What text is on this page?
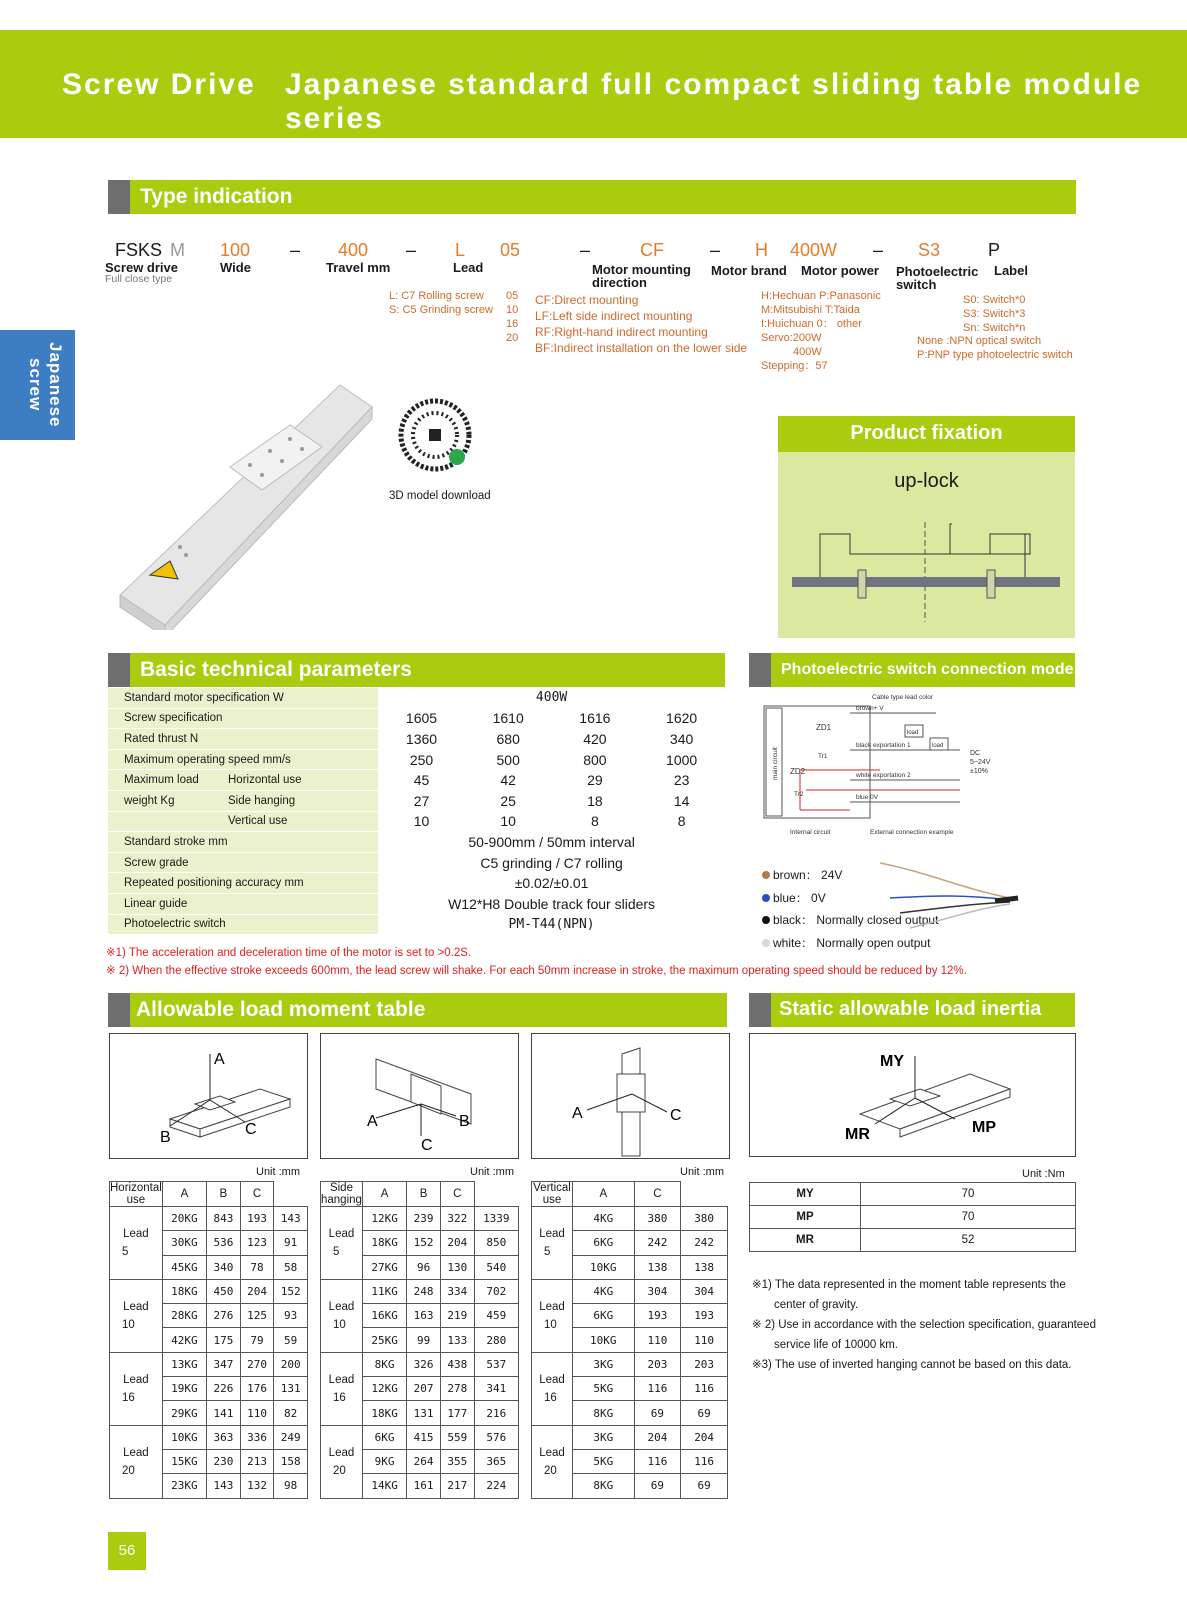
Screw Drive Japanese standard full compact sliding table module series
Japanese screw
Type indication
FSKS M 100 – 400 – L 05	–	CF	– H 400W – S3	P
Screw drive
Full close type
Wide	Travel mm	Lead	Motor mounting direction
Motor brand Motor power Photoelectric switch
Label
L: C7 Rolling screw
S: C5 Grinding screw
05
10
16
20
CF:Direct mounting
LF:Left side indirect mounting
RF:Right-hand indirect mounting
BF:Indirect installation on the lower side
H:Hechuan P:Panasonic
M:Mitsubishi T:Taida
I:Huichuan 0： other
Servo:200W
400W
Stepping：57
S0: Switch*0
S3: Switch*3
Sn: Switch*n
None :NPN optical switch
P:PNP type photoelectric switch
3D model download
Product fixation
up-lock
Basic technical parameters
Standard motor specification W		400W			
Screw specification		1605	1610	1616	1620
Rated thrust N		1360	680	420	340
Maximum operating speed mm/s		250	500	800	1000
Maximum load	Horizontal use	45	42	29	23
weight Kg	Side hanging	27	25	18	14
	Vertical use	10	10	8	8
Standard stroke mm		50-900mm / 50mm interval			
Screw grade		C5 grinding / C7 rolling			
Repeated positioning accuracy mm		±0.02/±0.01			
Linear guide		W12*H8 Double track four sliders			
Photoelectric switch		PM-T44(NPN)			
※1) The acceleration and deceleration time of the motor is set to >0.2S.
※ 2) When the effective stroke exceeds 600mm, the lead screw will shake. For each 50mm increase in stroke, the maximum operating speed should be reduced by 12%.
Photoelectric switch connection mode
Cable type lead color
brown+ V
ZD1
ZD2
Tr1
Tr2
black exportation 1
white exportation 2
blue 0V
load
load
DC
5~24V
±10%
main circuit
Internal circuit	External connection example
brown： 24V
blue： 0V
black： Normally closed output
white： Normally open output
Allowable load moment table
A
B	C	A	B
C
A	C
Unit :mm	Unit :mm	Unit :mm
Horizontal use	A	B	C	

Lead
5	20KG	843	193	143
	30KG	536	123	91
	45KG	340	78	58

Lead
10	18KG	450	204	152
	28KG	276	125	93
	42KG	175	79	59

Lead
16	13KG	347	270	200
	19KG	226	176	131
	29KG	141	110	82

Lead
20	10KG	363	336	249
	15KG	230	213	158
	23KG	143	132	98
Side hanging	A	B	C	

Lead
5	12KG	239	322	1339
	18KG	152	204	850
	27KG	96	130	540

Lead
10	11KG	248	334	702
	16KG	163	219	459
	25KG	99	133	280

Lead
16	8KG	326	438	537
	12KG	207	278	341
	18KG	131	177	216

Lead
20	6KG	415	559	576
	9KG	264	355	365
	14KG	161	217	224
Vertical use	A	C	

Lead
5	4KG	380	380
	6KG	242	242
	10KG	138	138

Lead
10	4KG	304	304
	6KG	193	193
	10KG	110	110

Lead
16	3KG	203	203
	5KG	116	116
	8KG	69	69

Lead
20	3KG	204	204
	5KG	116	116
	8KG	69	69
Static allowable load inertia
MY
MR	MP
Unit :Nm
MY	70
MP	70
MR	52
※1) The data represented in the moment table represents the
center of gravity.
※ 2) Use in accordance with the selection specification, guaranteed
service life of 10000 km.
※3) The use of inverted hanging cannot be based on this data.
56
